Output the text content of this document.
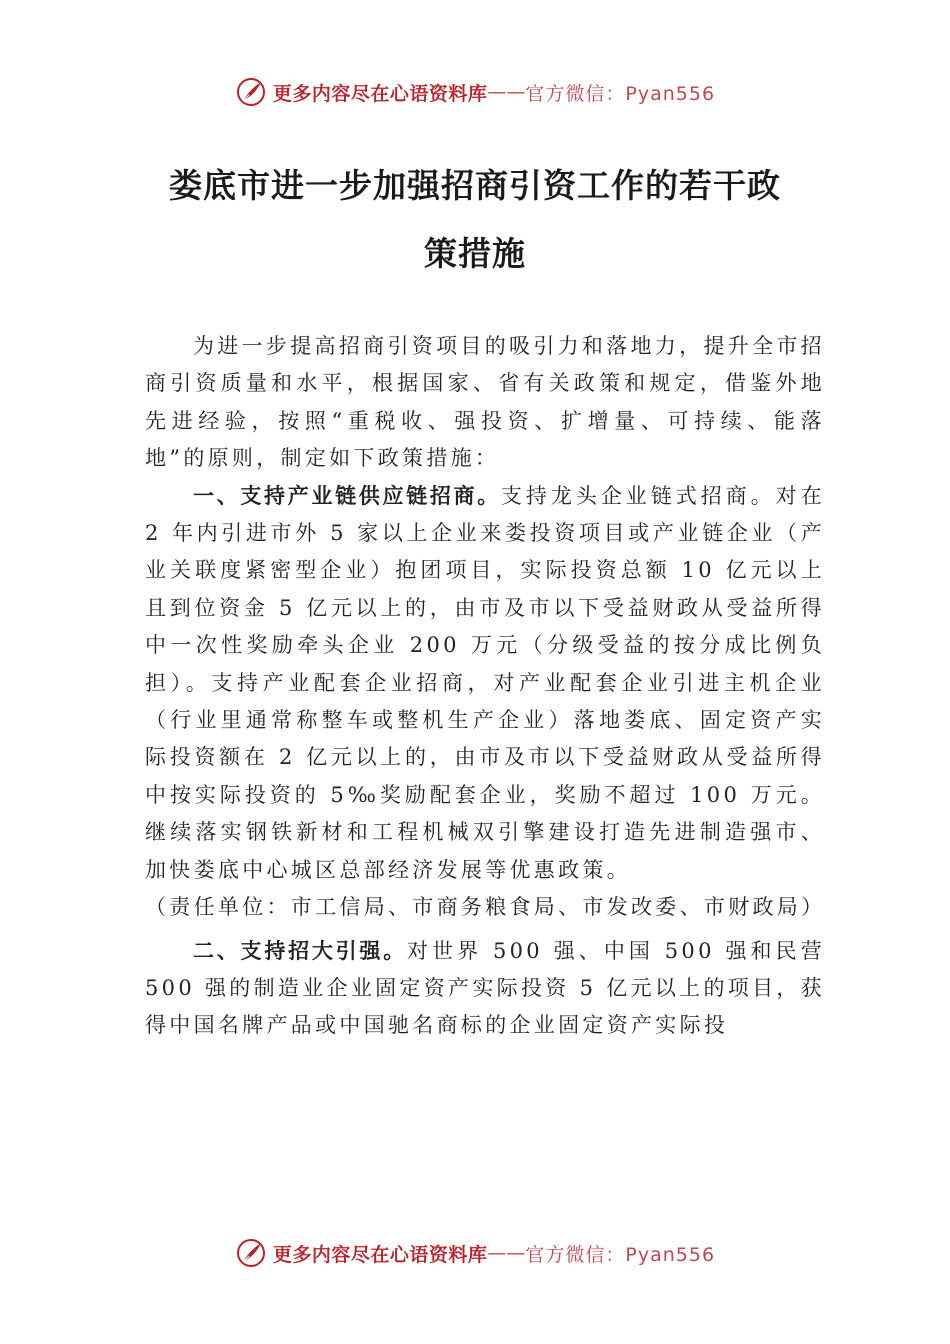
更多内容尽在心语资料库 —— 官方微信：Pyan556
娄底市进一步加强招商引资工作的若干政
策措施

为进一步提高招商引资项目的吸引力和落地力，提升全市招商引资质量和水平，根据国家、省有关政策和规定，借鉴外地先进经验，按照“重税收、强投资、扩增量、可持续、能落地”的原则，制定如下政策措施：

一、支持产业链供应链招商。支持龙头企业链式招商。对在 2 年内引进市外 5 家以上企业来娄投资项目或产业链企业（产业关联度紧密型企业）抱团项目，实际投资总额 10 亿元以上且到位资金 5 亿元以上的，由市及市以下受益财政从受益所得中一次性奖励牵头企业 200 万元（分级受益的按分成比例负担）。支持产业配套企业招商，对产业配套企业引进主机企业（行业里通常称整车或整机生产企业）落地娄底、固定资产实际投资额在 2 亿元以上的，由市及市以下受益财政从受益所得中按实际投资的 5‰奖励配套企业，奖励不超过 100 万元。继续落实钢铁新材和工程机械双引擎建设打造先进制造强市、加快娄底中心城区总部经济发展等优惠政策。

（责任单位：市工信局、市商务粮食局、市发改委、市财政局）

二、支持招大引强。对世界 500 强、中国 500 强和民营 500 强的制造业企业固定资产实际投资 5 亿元以上的项目，获得中国名牌产品或中国驰名商标的企业固定资产实际投

更多内容尽在心语资料库 —— 官方微信：Pyan556
